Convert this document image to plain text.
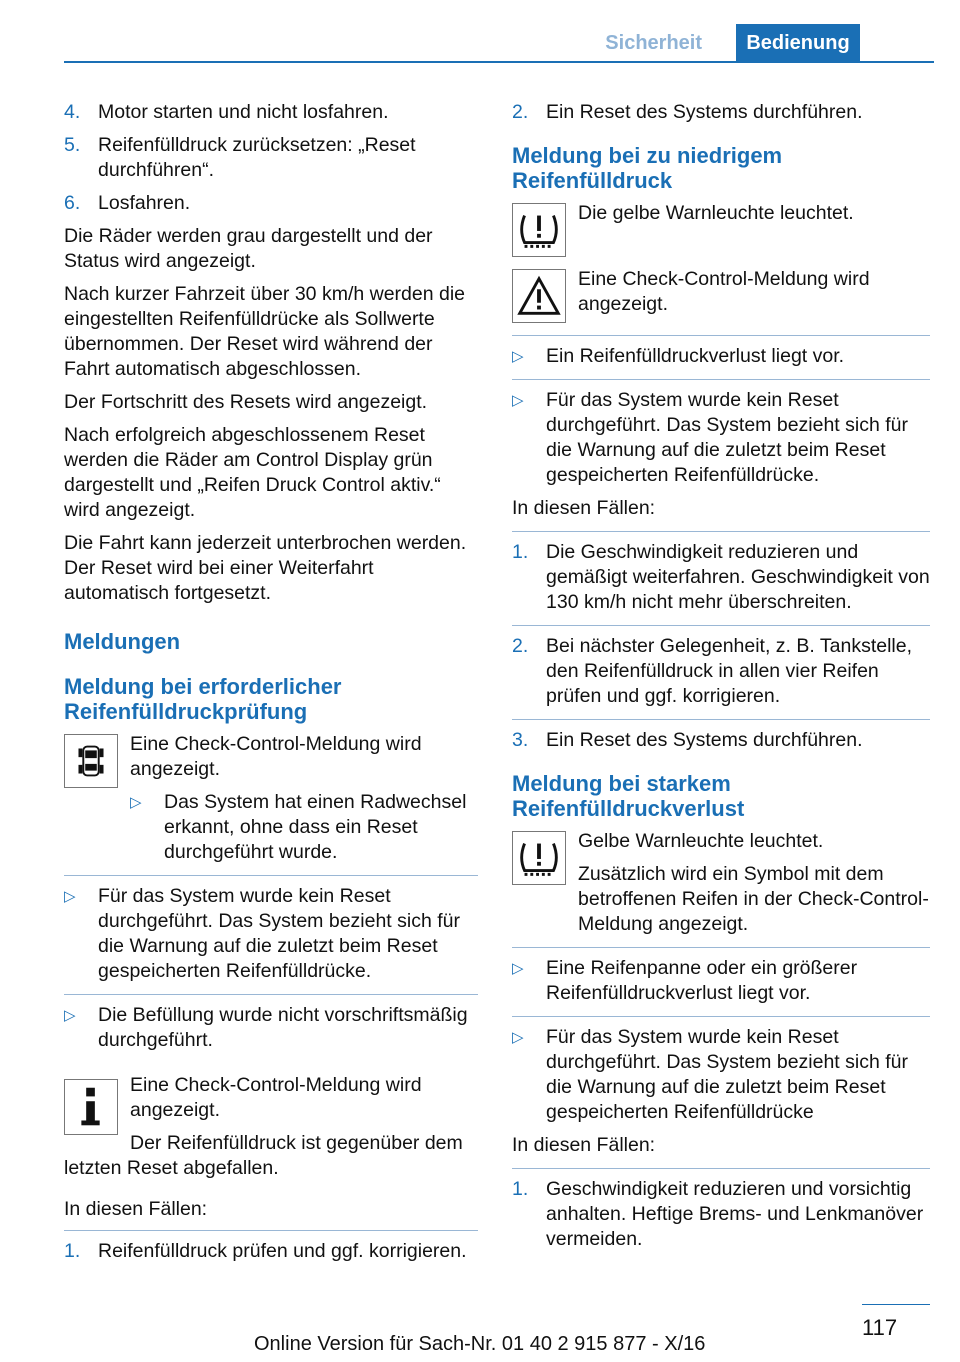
Sicherheit	Bedienung
4. Motor starten und nicht losfahren.
5. Reifenfülldruck zurücksetzen: „Reset durchführen“.
6. Losfahren.

Die Räder werden grau dargestellt und der Status wird angezeigt.

Nach kurzer Fahrzeit über 30 km/h werden die eingestellten Reifenfülldrücke als Sollwerte übernommen. Der Reset wird während der Fahrt automatisch abgeschlossen.

Der Fortschritt des Resets wird angezeigt.

Nach erfolgreich abgeschlossenem Reset werden die Räder am Control Display grün dargestellt und „Reifen Druck Control aktiv.“ wird angezeigt.

Die Fahrt kann jederzeit unterbrochen werden. Der Reset wird bei einer Weiterfahrt automatisch fortgesetzt.

Meldungen
Meldung bei erforderlicher Reifenfülldruckprüfung

Eine Check-Control-Meldung wird angezeigt.

▷ Das System hat einen Radwechsel erkannt, ohne dass ein Reset durchgeführt wurde.
▷ Für das System wurde kein Reset durchgeführt. Das System bezieht sich für die Warnung auf die zuletzt beim Reset gespeicherten Reifenfülldrücke.
▷ Die Befüllung wurde nicht vorschriftsmäßig durchgeführt.

Eine Check-Control-Meldung wird angezeigt.

Der Reifenfülldruck ist gegenüber dem letzten Reset abgefallen.

In diesen Fällen:

1. Reifenfülldruck prüfen und ggf. korrigieren.
2. Ein Reset des Systems durchführen.
Meldung bei zu niedrigem Reifenfülldruck

Die gelbe Warnleuchte leuchtet.

Eine Check-Control-Meldung wird angezeigt.

▷ Ein Reifenfülldruckverlust liegt vor.
▷ Für das System wurde kein Reset durchgeführt. Das System bezieht sich für die Warnung auf die zuletzt beim Reset gespeicherten Reifenfülldrücke.

In diesen Fällen:

1. Die Geschwindigkeit reduzieren und gemäßigt weiterfahren. Geschwindigkeit von 130 km/h nicht mehr überschreiten.
2. Bei nächster Gelegenheit, z. B. Tankstelle, den Reifenfülldruck in allen vier Reifen prüfen und ggf. korrigieren.
3. Ein Reset des Systems durchführen.
Meldung bei starkem Reifenfülldruckverlust

Gelbe Warnleuchte leuchtet.

Zusätzlich wird ein Symbol mit dem betroffenen Reifen in der Check-Control-Meldung angezeigt.

▷ Eine Reifenpanne oder ein größerer Reifenfülldruckverlust liegt vor.
▷ Für das System wurde kein Reset durchgeführt. Das System bezieht sich für die Warnung auf die zuletzt beim Reset gespeicherten Reifenfülldrücke

In diesen Fällen:

1. Geschwindigkeit reduzieren und vorsichtig anhalten. Heftige Brems- und Lenkmanöver vermeiden.
117
Online Version für Sach-Nr. 01 40 2 915 877 - X/16
